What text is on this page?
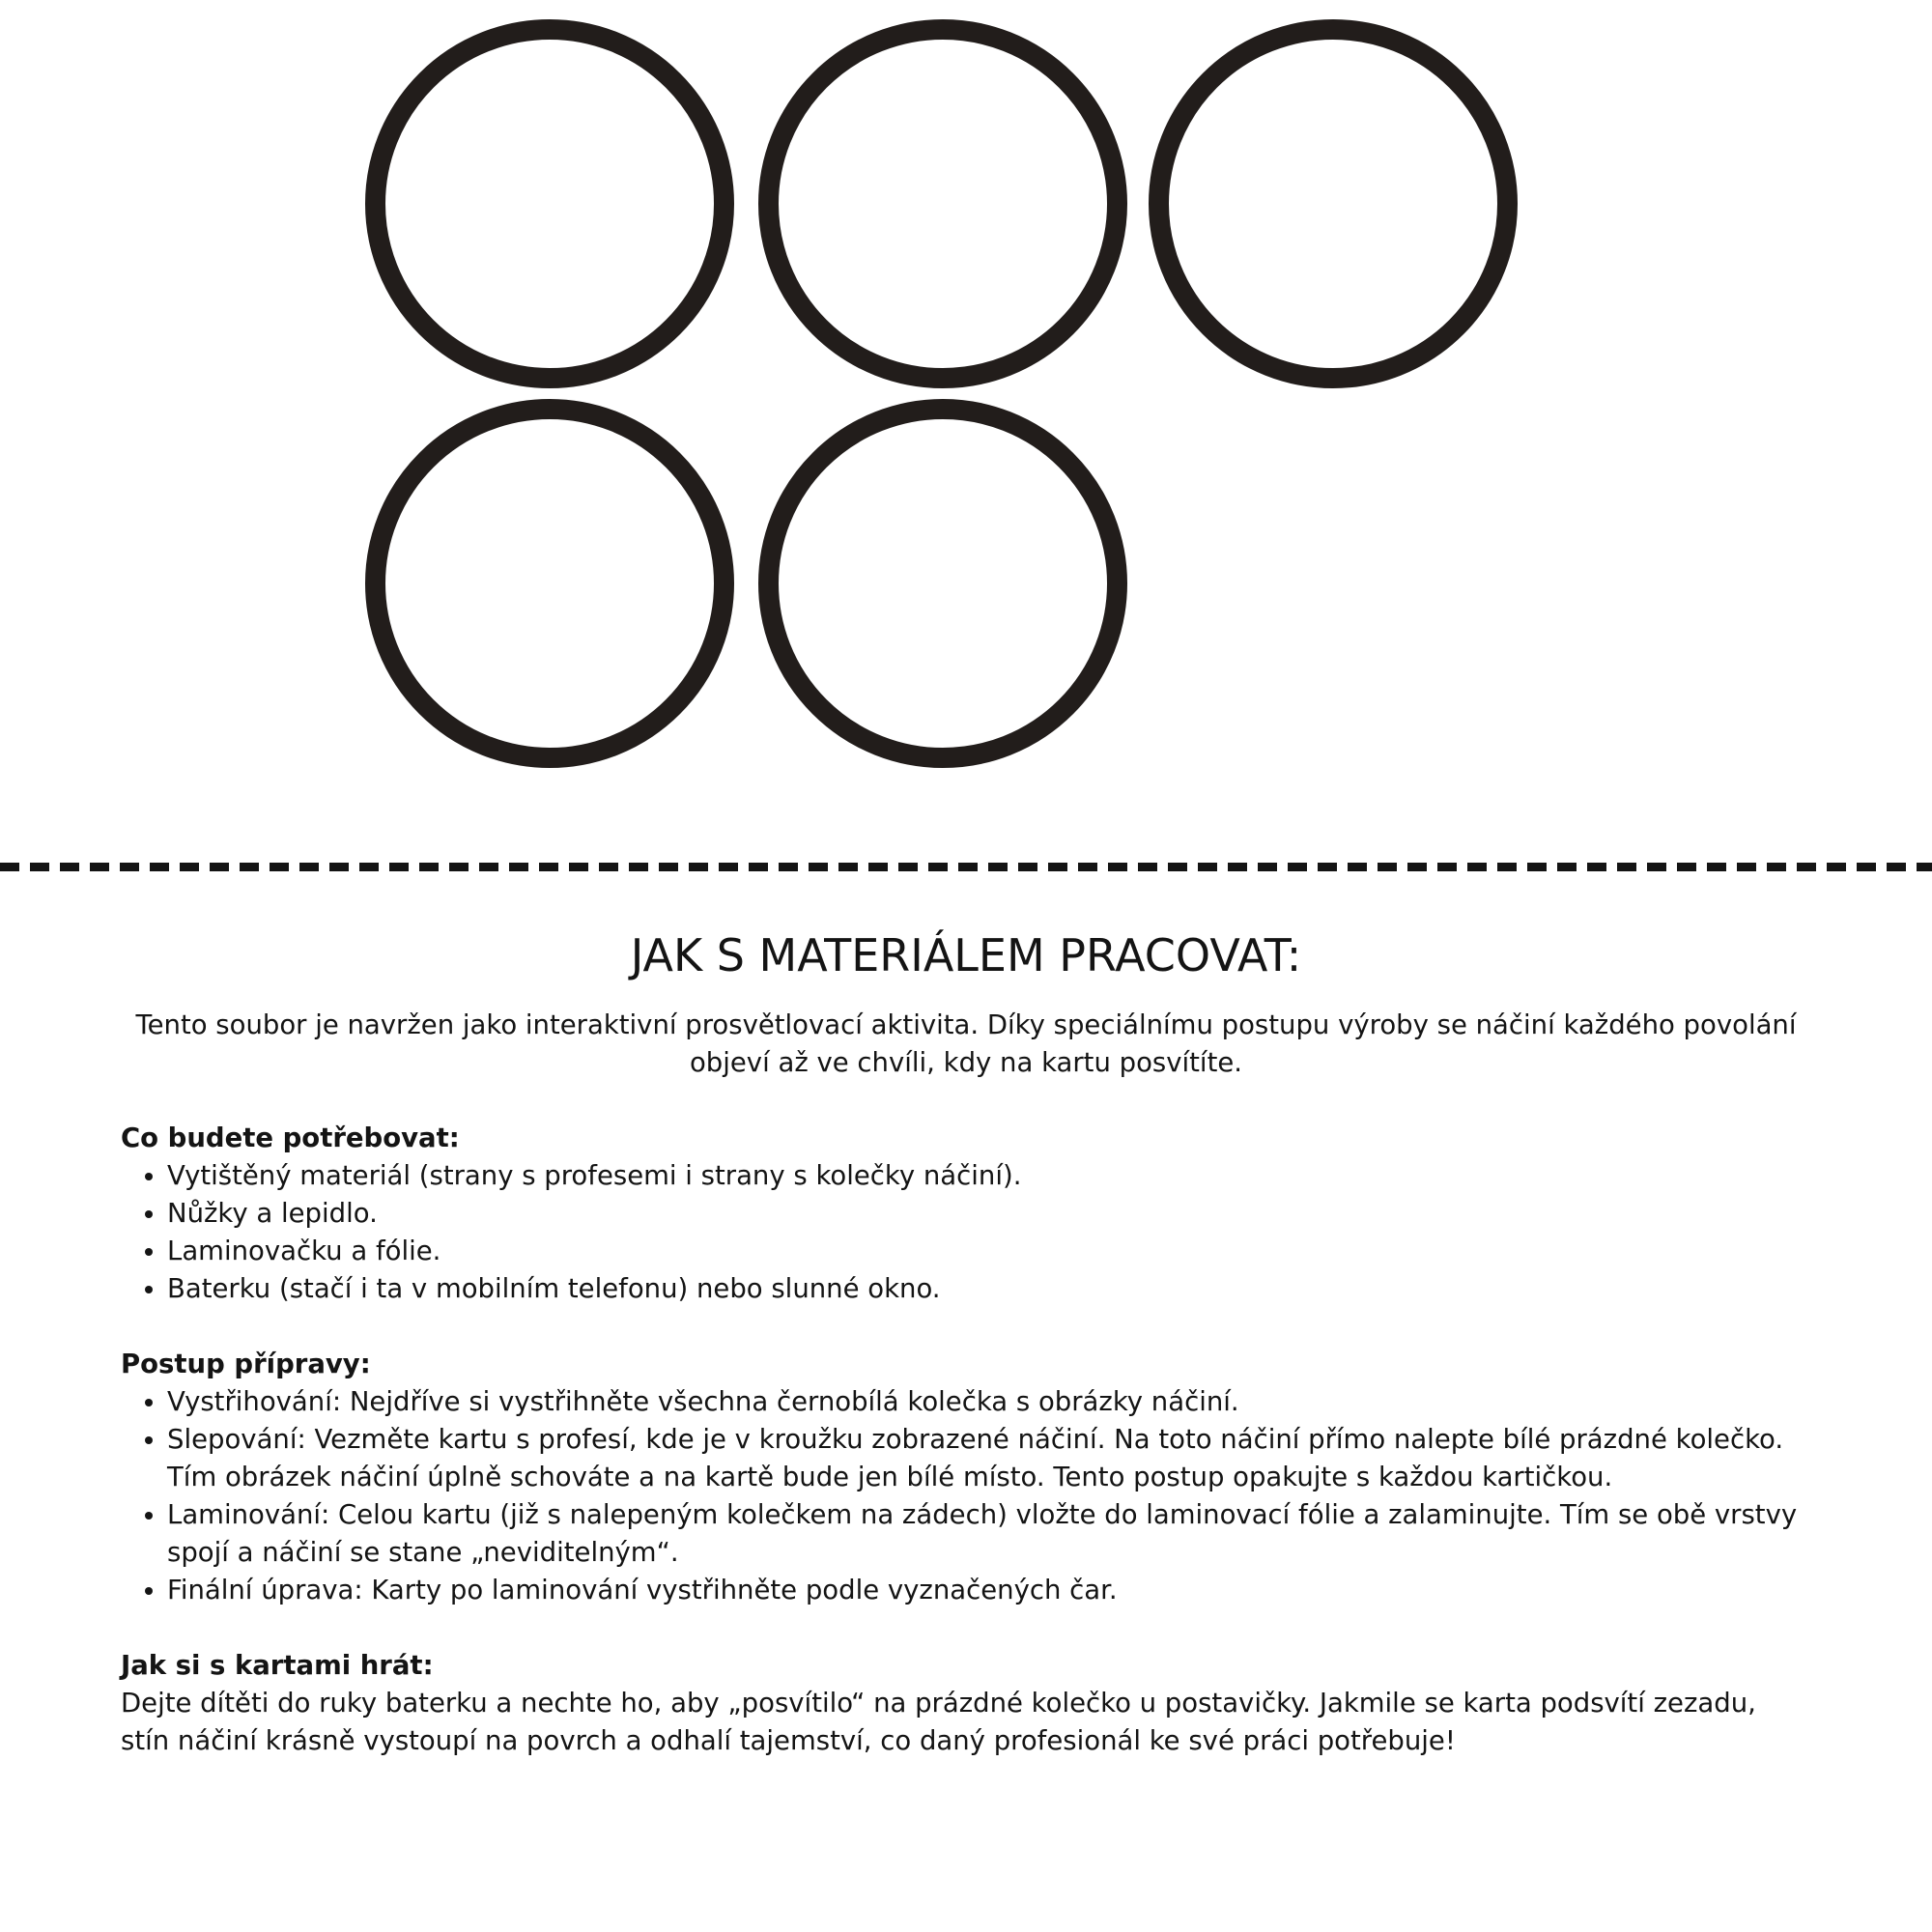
JAK S MATERIÁLEM PRACOVAT:

Tento soubor je navržen jako interaktivní prosvětlovací aktivita. Díky speciálnímu postupu výroby se náčiní každého povolání objeví až ve chvíli, kdy na kartu posvítíte.

Co budete potřebovat:

• Vytištěný materiál (strany s profesemi i strany s kolečky náčiní).
• Nůžky a lepidlo.
• Laminovačku a fólie.
• Baterku (stačí i ta v mobilním telefonu) nebo slunné okno.

Postup přípravy:

• Vystřihování: Nejdříve si vystřihněte všechna černobílá kolečka s obrázky náčiní.
• Slepování: Vezměte kartu s profesí, kde je v kroužku zobrazené náčiní. Na toto náčiní přímo nalepte bílé prázdné kolečko. Tím obrázek náčiní úplně schováte a na kartě bude jen bílé místo. Tento postup opakujte s každou kartičkou.
• Laminování: Celou kartu (již s nalepeným kolečkem na zádech) vložte do laminovací fólie a zalaminujte. Tím se obě vrstvy spojí a náčiní se stane „neviditelným“.
• Finální úprava: Karty po laminování vystřihněte podle vyznačených čar.

Jak si s kartami hrát:

Dejte dítěti do ruky baterku a nechte ho, aby „posvítilo“ na prázdné kolečko u postavičky. Jakmile se karta podsvítí zezadu, stín náčiní krásně vystoupí na povrch a odhalí tajemství, co daný profesionál ke své práci potřebuje!
